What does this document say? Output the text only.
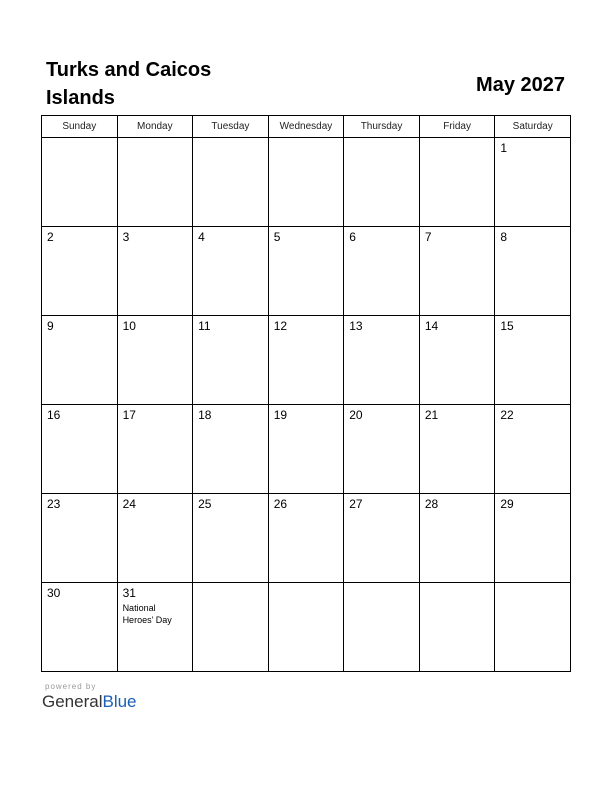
Turks and Caicos Islands
May 2027
Sunday	Monday	Tuesday	Wednesday	Thursday	Friday	Saturday

						1

2	3	4	5	6	7	8

9	10	11	12	13	14	15

16	17	18	19	20	21	22

23	24	25	26	27	28	29

30	31
National Heroes’ Day					

powered by
GeneralBlue
